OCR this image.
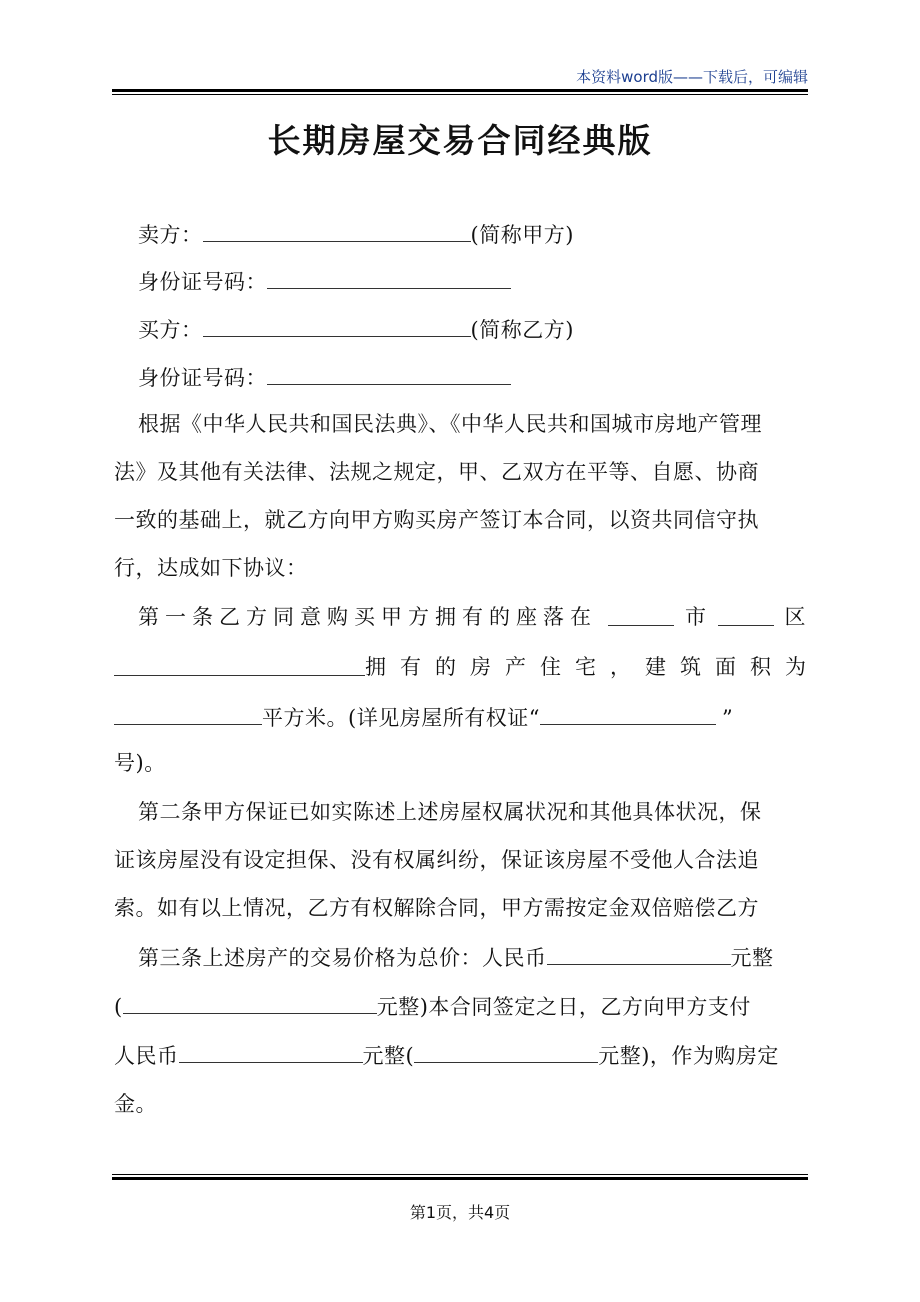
本资料word版——下载后，可编辑
长期房屋交易合同经典版
卖方：	(简称甲方)
身份证号码：
买方：	(简称乙方)
身份证号码：
根据《中华人民共和国民法典》、《中华人民共和国城市房地产管理
法》及其他有关法律、法规之规定，甲、乙双方在平等、自愿、协商
一致的基础上，就乙方向甲方购买房产签订本合同，以资共同信守执
行，达成如下协议：
第一条乙方同意购买甲方拥有的座落在	市	区
拥有的房产住宅，建筑面积为
平方米。(详见房屋所有权证“	”
号)。
第二条甲方保证已如实陈述上述房屋权属状况和其他具体状况，保
证该房屋没有设定担保、没有权属纠纷，保证该房屋不受他人合法追
索。如有以上情况，乙方有权解除合同，甲方需按定金双倍赔偿乙方
第三条上述房产的交易价格为总价：人民币	元整
(	元整)本合同签定之日，乙方向甲方支付
人民币	元整(	元整)，作为购房定
金。
第1页，共4页
